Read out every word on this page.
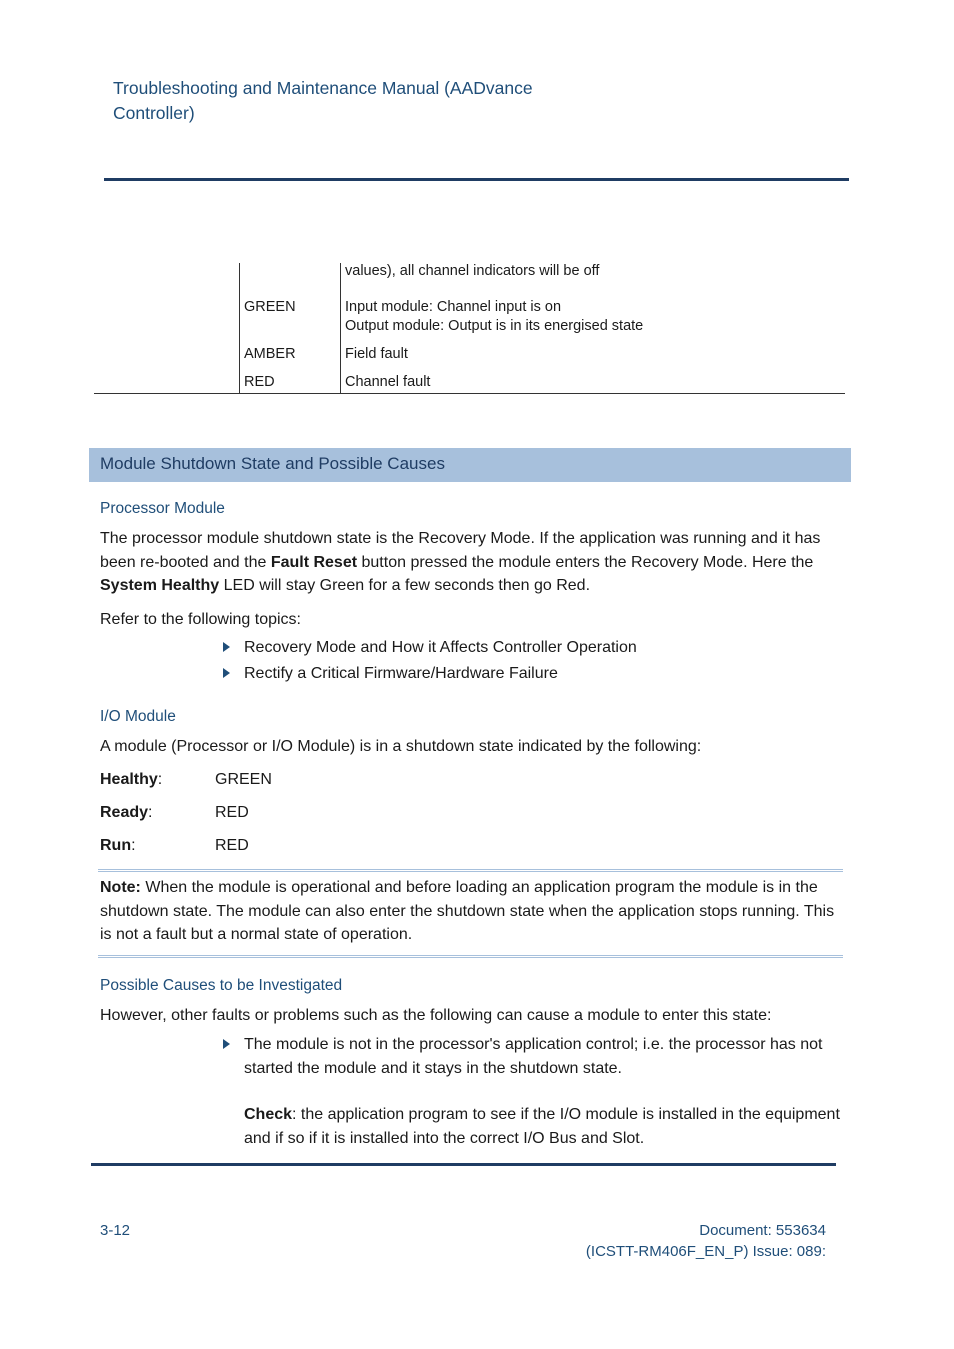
Troubleshooting and Maintenance Manual (AADvance Controller)
values), all channel indicators will be off
GREEN	Input module: Channel input is on
Output module: Output is in its energised state
AMBER	Field fault
RED	Channel fault
Module Shutdown State and Possible Causes
Processor Module
The processor module shutdown state is the Recovery Mode. If the application was running and it has been re-booted and the Fault Reset button pressed the module enters the Recovery Mode. Here the System Healthy LED will stay Green for a few seconds then go Red.
Refer to the following topics:
Recovery Mode and How it Affects Controller Operation
Rectify a Critical Firmware/Hardware Failure
I/O Module
A module (Processor or I/O Module) is in a shutdown state indicated by the following:
Healthy:	GREEN
Ready:	RED
Run:	RED
Note: When the module is operational and before loading an application program the module is in the shutdown state. The module can also enter the shutdown state when the application stops running. This is not a fault but a normal state of operation.
Possible Causes to be Investigated
However, other faults or problems such as the following can cause a module to enter this state:
The module is not in the processor's application control; i.e. the processor has not started the module and it stays in the shutdown state.
Check: the application program to see if the I/O module is installed in the equipment and if so if it is installed into the correct I/O Bus and Slot.
3-12	Document: 553634
(ICSTT-RM406F_EN_P) Issue: 089:
